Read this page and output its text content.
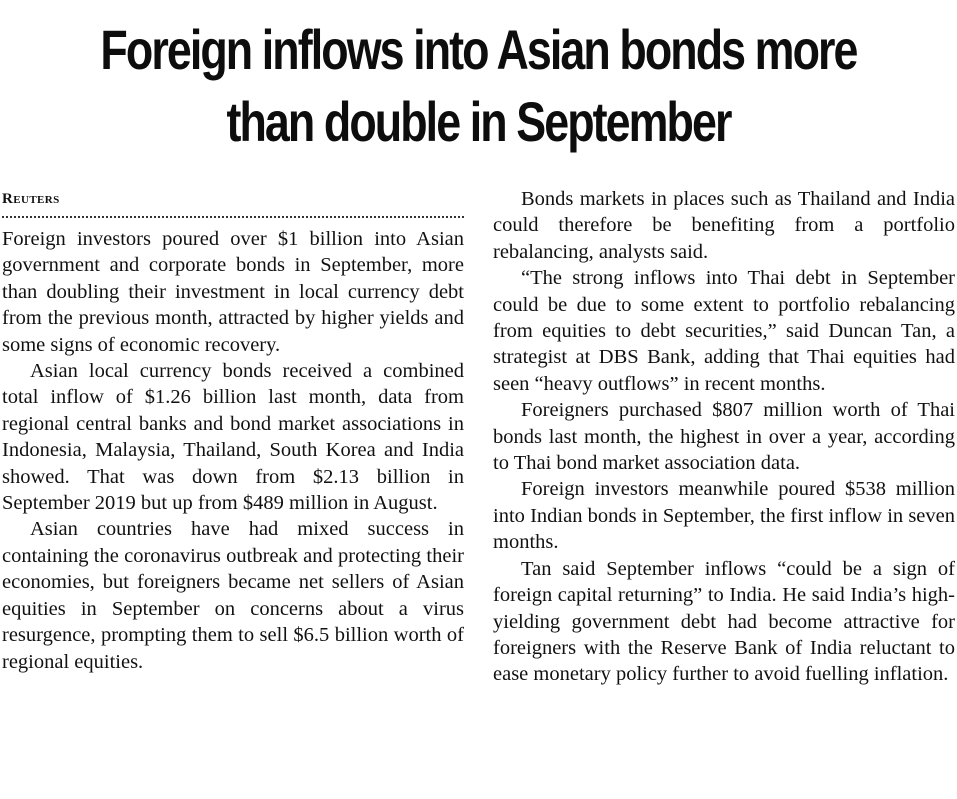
Foreign inflows into Asian bonds more
than double in September
Reuters

Foreign investors poured over $1 billion into Asian government and corporate bonds in September, more than doubling their investment in local currency debt from the previous month, attracted by higher yields and some signs of economic recovery.

Asian local currency bonds received a combined total inflow of $1.26 billion last month, data from regional central banks and bond market associations in Indonesia, Malaysia, Thailand, South Korea and India showed. That was down from $2.13 billion in September 2019 but up from $489 million in August.

Asian countries have had mixed success in containing the coronavirus outbreak and protecting their economies, but foreigners became net sellers of Asian equities in September on concerns about a virus resurgence, prompting them to sell $6.5 billion worth of regional equities.

Bonds markets in places such as Thailand and India could therefore be benefiting from a portfolio rebalancing, analysts said.

“The strong inflows into Thai debt in September could be due to some extent to portfolio rebalancing from equities to debt securities,” said Duncan Tan, a strategist at DBS Bank, adding that Thai equities had seen “heavy outflows” in recent months.

Foreigners purchased $807 million worth of Thai bonds last month, the highest in over a year, according to Thai bond market association data.

Foreign investors meanwhile poured $538 million into Indian bonds in September, the first inflow in seven months.

Tan said September inflows “could be a sign of foreign capital returning” to India. He said India’s high-yielding government debt had become attractive for foreigners with the Reserve Bank of India reluctant to ease monetary policy further to avoid fuelling inflation.
